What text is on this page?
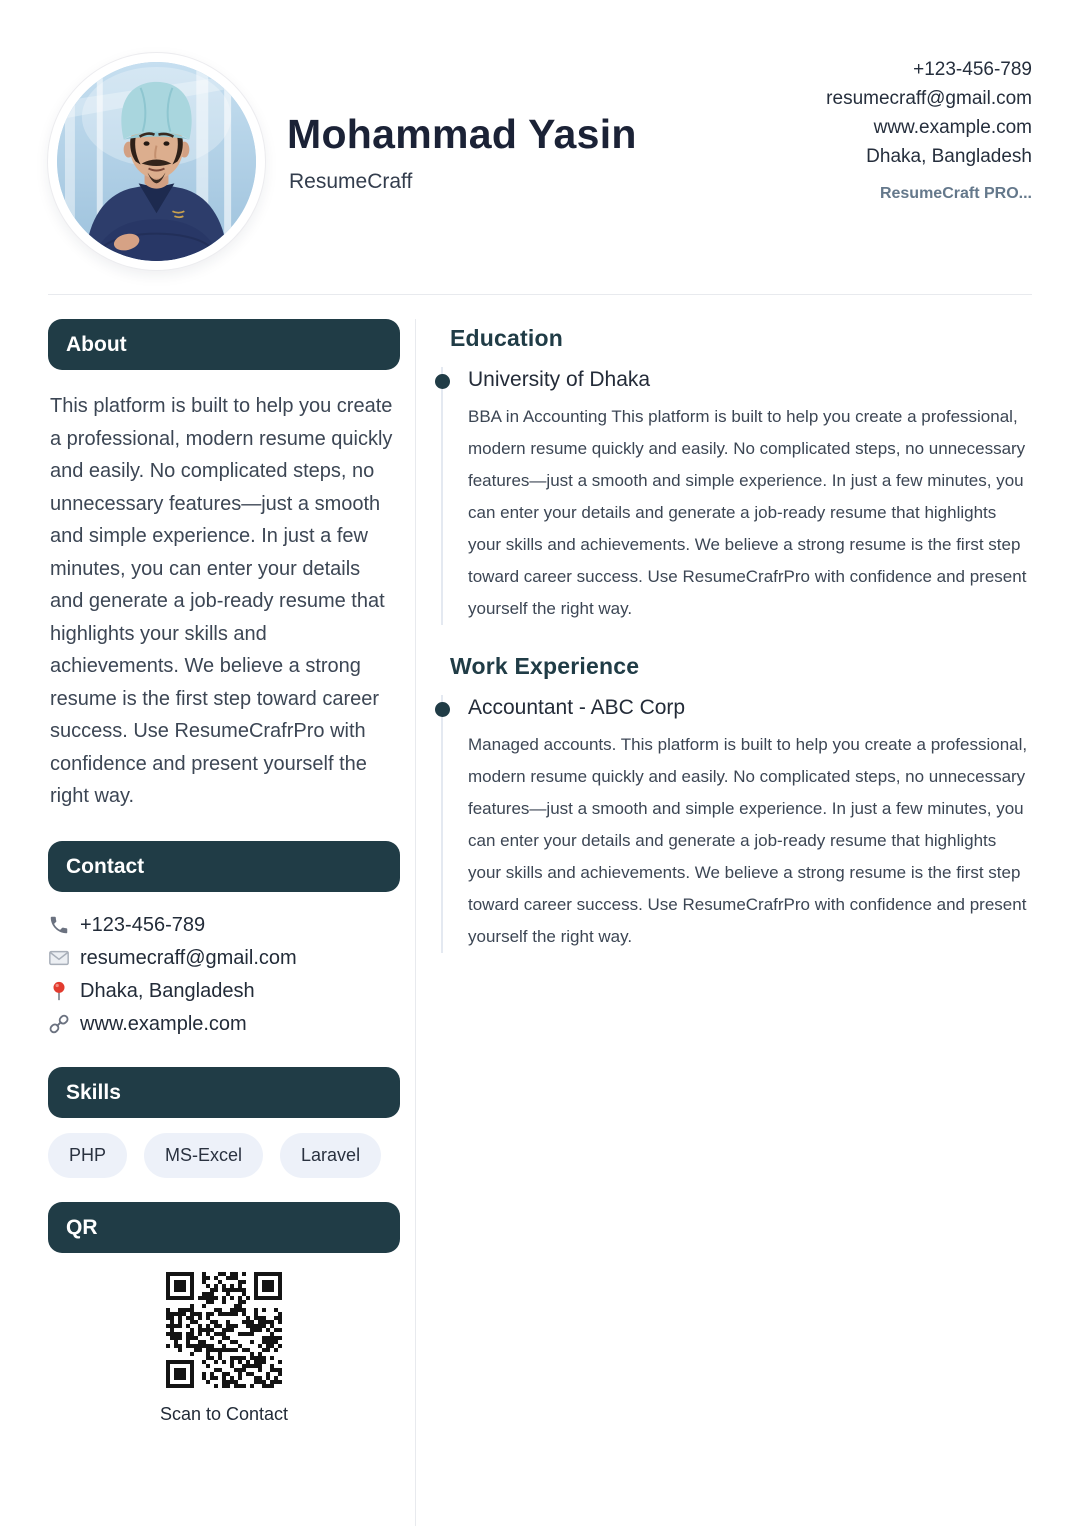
Mohammad Yasin

ResumeCraff

+123-456-789
resumecraff@gmail.com
www.example.com
Dhaka, Bangladesh
ResumeCraft PRO...
About

This platform is built to help you create a professional, modern resume quickly and easily. No complicated steps, no unnecessary features—just a smooth and simple experience. In just a few minutes, you can enter your details and generate a job-ready resume that highlights your skills and achievements. We believe a strong resume is the first step toward career success. Use ResumeCrafrPro with confidence and present yourself the right way.

Contact
+123-456-789
resumecraff@gmail.com
Dhaka, Bangladesh
www.example.com
Skills
PHP	MS-Excel	Laravel
QR
Scan to Contact
Education
University of Dhaka

BBA in Accounting This platform is built to help you create a professional, modern resume quickly and easily. No complicated steps, no unnecessary features—just a smooth and simple experience. In just a few minutes, you can enter your details and generate a job-ready resume that highlights your skills and achievements. We believe a strong resume is the first step toward career success. Use ResumeCrafrPro with confidence and present yourself the right way.

Work Experience
Accountant - ABC Corp

Managed accounts. This platform is built to help you create a professional, modern resume quickly and easily. No complicated steps, no unnecessary features—just a smooth and simple experience. In just a few minutes, you can enter your details and generate a job-ready resume that highlights your skills and achievements. We believe a strong resume is the first step toward career success. Use ResumeCrafrPro with confidence and present yourself the right way.
